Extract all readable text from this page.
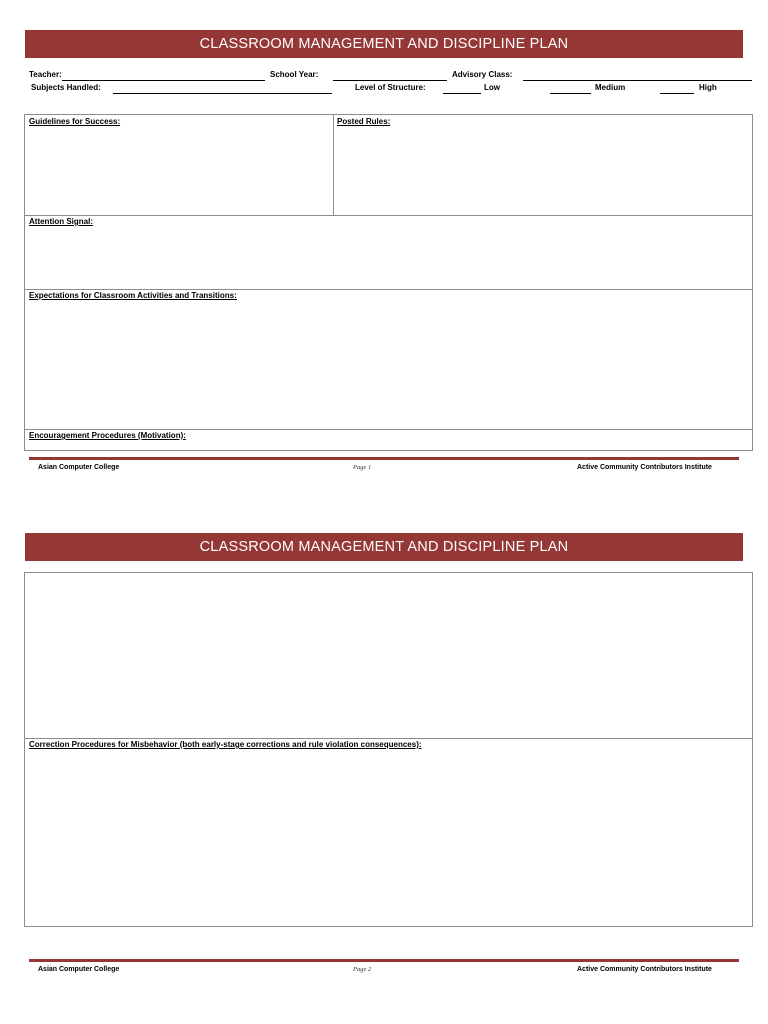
CLASSROOM MANAGEMENT AND DISCIPLINE PLAN
Teacher:	School Year:	Advisory Class:
Subjects Handled:	Level of Structure:	Low	Medium	High
Guidelines for Success:	Posted Rules:
Attention Signal:
Expectations for Classroom Activities and Transitions:
Encouragement Procedures (Motivation):
Asian Computer College	Page 1	Active Community Contributors Institute
CLASSROOM MANAGEMENT AND DISCIPLINE PLAN
Correction Procedures for Misbehavior (both early-stage corrections and rule violation consequences):
Asian Computer College	Page 2	Active Community Contributors Institute
